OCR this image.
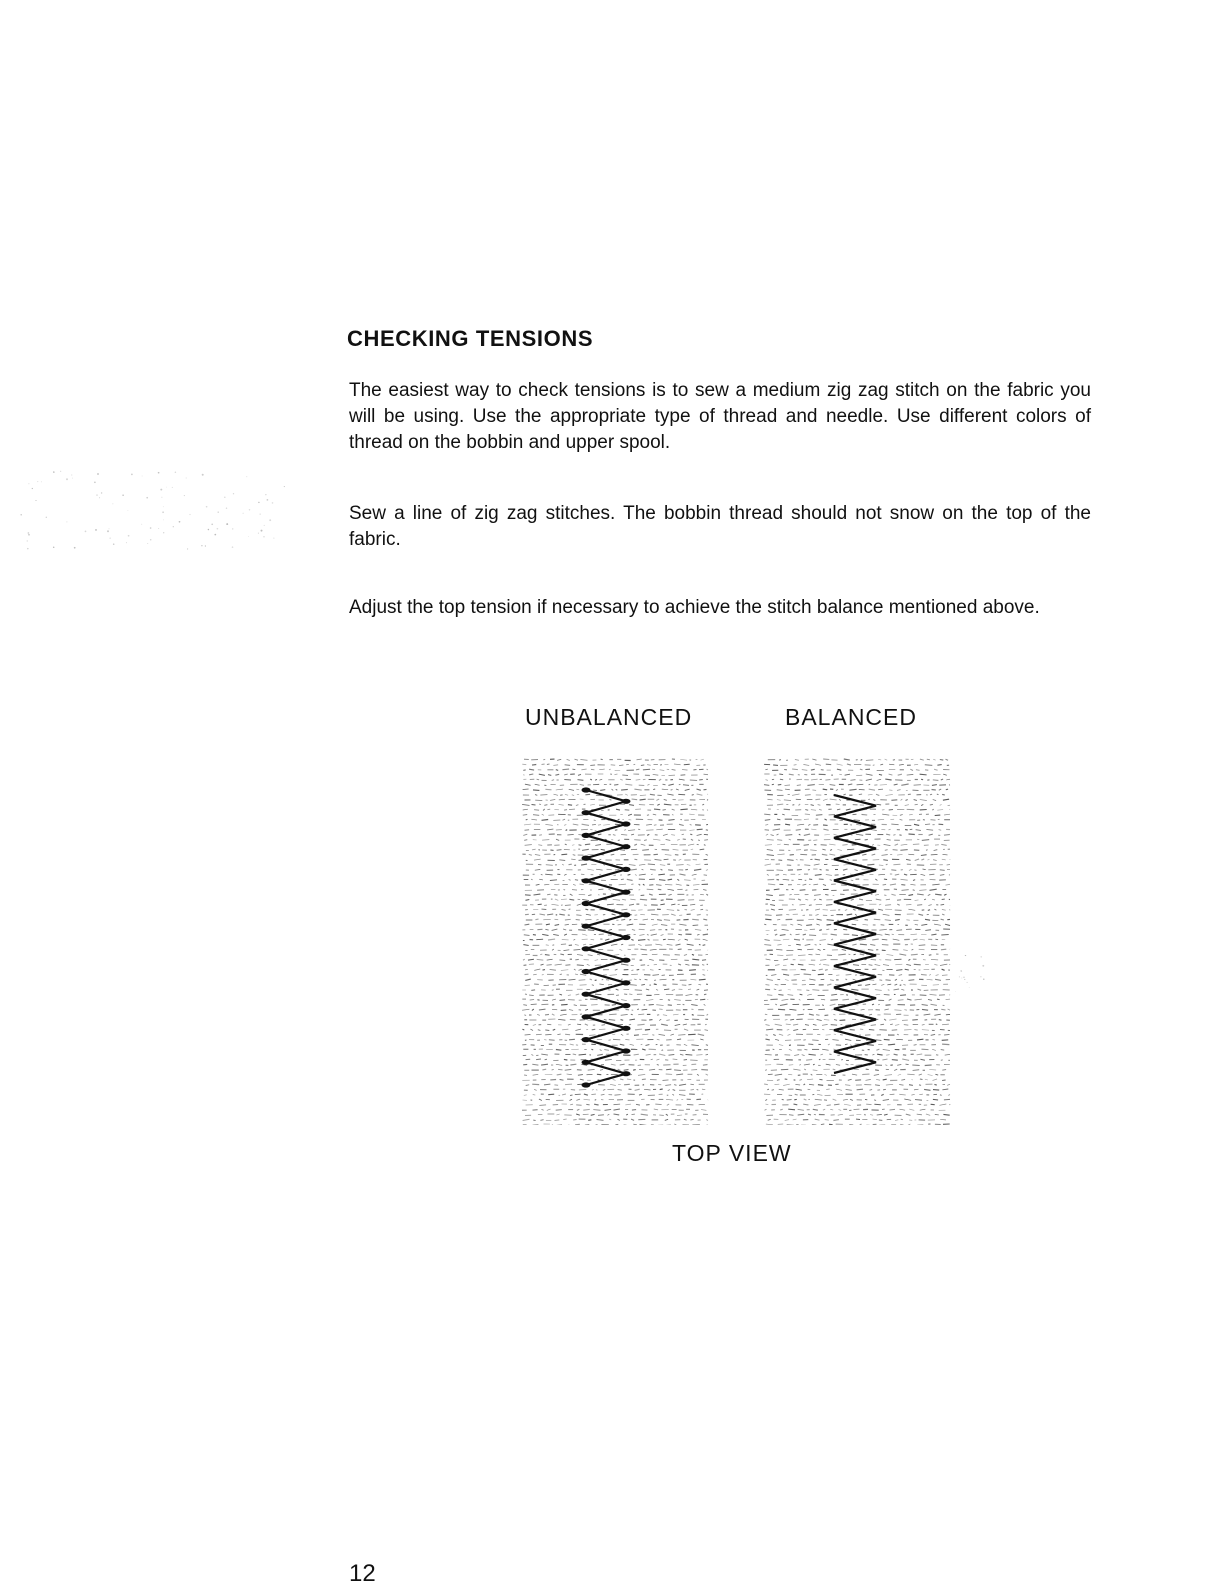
CHECKING TENSIONS

The easiest way to check tensions is to sew a medium zig zag stitch on the fabric you will be using. Use the appropriate type of thread and needle. Use different colors of thread on the bobbin and upper spool.

Sew a line of zig zag stitches. The bobbin thread should not snow on the top of the fabric.

Adjust the top tension if necessary to achieve the stitch balance mentioned above.

UNBALANCED	BALANCED
TOP VIEW
12
